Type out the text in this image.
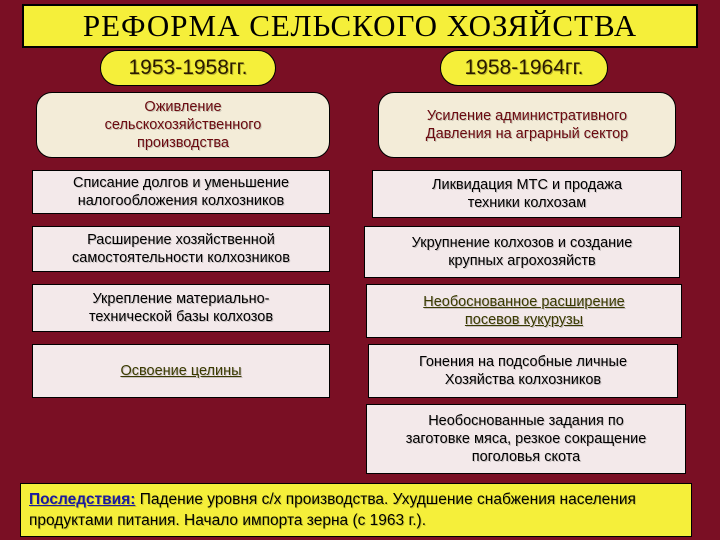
РЕФОРМА СЕЛЬСКОГО ХОЗЯЙСТВА
1953-1958гг.	1958-1964гг.
Оживление
сельскохозяйственного
производства
Списание долгов и уменьшение
налогообложения колхозников
Расширение хозяйственной
самостоятельности колхозников
Укрепление материально-
технической базы колхозов
Освоение целины
Усиление административного
Давления на аграрный сектор
Ликвидация МТС и продажа
техники колхозам
Укрупнение колхозов и создание
крупных агрохозяйств
Необоснованное расширение
посевов кукурузы
Гонения на подсобные личные
Хозяйства колхозников
Необоснованные задания по
заготовке мяса, резкое сокращение
поголовья скота
Последствия: Падение уровня с/х производства. Ухудшение снабжения населения продуктами питания. Начало импорта зерна (с 1963 г.).
